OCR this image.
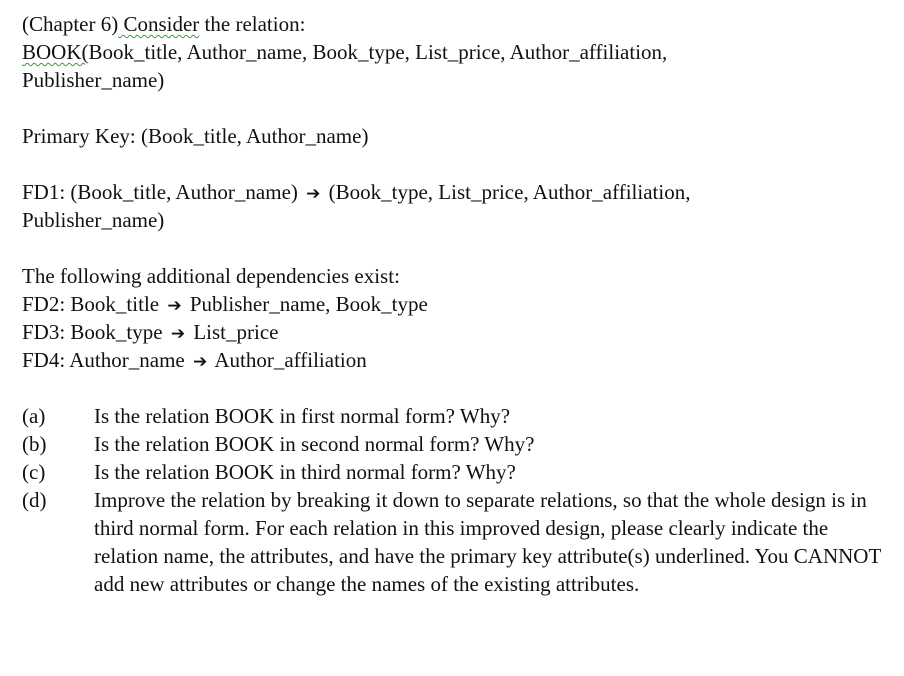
(Chapter 6) Consider the relation:
BOOK(Book_title, Author_name, Book_type, List_price, Author_affiliation,
Publisher_name)
Primary Key: (Book_title, Author_name)
FD1: (Book_title, Author_name) ➔ (Book_type, List_price, Author_affiliation,
Publisher_name)
The following additional dependencies exist:
FD2: Book_title ➔ Publisher_name, Book_type
FD3: Book_type ➔ List_price
FD4: Author_name ➔ Author_affiliation
(a)	Is the relation BOOK in first normal form? Why?
(b)	Is the relation BOOK in second normal form? Why?
(c)	Is the relation BOOK in third normal form? Why?
(d)	Improve the relation by breaking it down to separate relations, so that the whole design is in third normal form. For each relation in this improved design, please clearly indicate the relation name, the attributes, and have the primary key attribute(s) underlined. You CANNOT add new attributes or change the names of the existing attributes.
